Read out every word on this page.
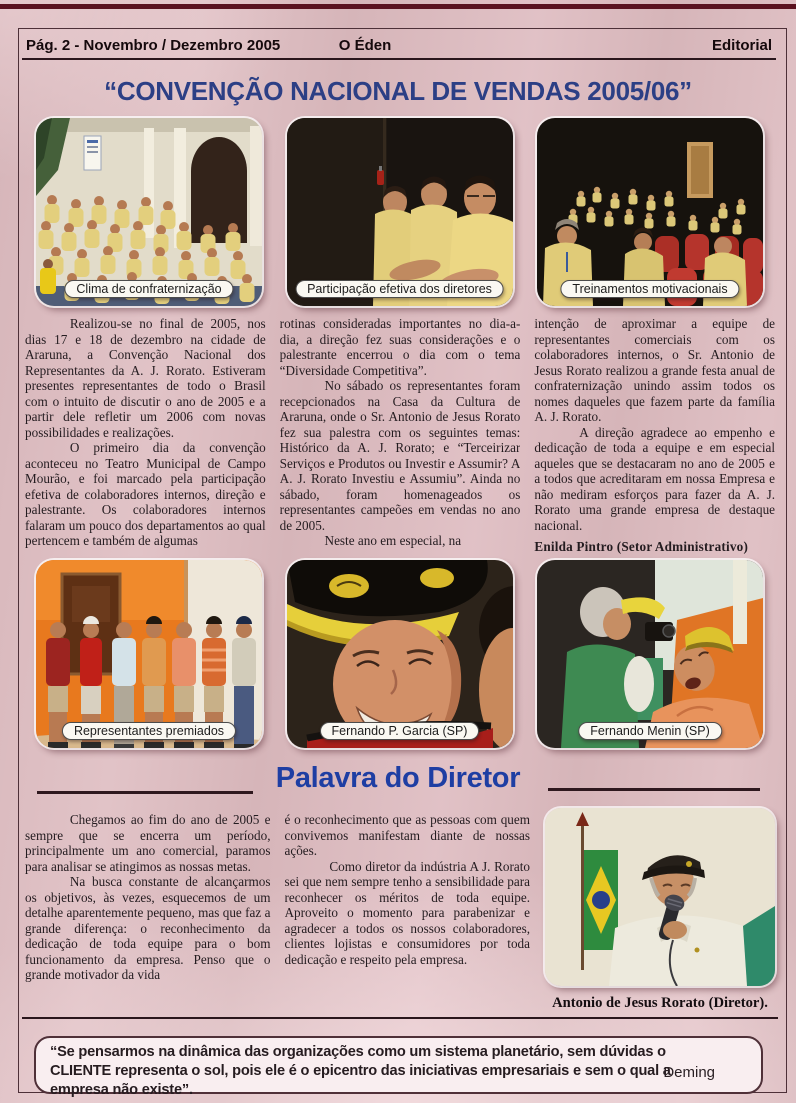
Pág. 2 - Novembro / Dezembro 2005	O Éden	Editorial
“CONVENÇÃO NACIONAL DE VENDAS 2005/06”
Clima de confraternização	Participação efetiva dos diretores	Treinamentos motivacionais

Realizou-se no final de 2005, nos dias 17 e 18 de dezembro na cidade de Araruna, a Convenção Nacional dos Representantes da A. J. Rorato. Estiveram presentes representantes de todo o Brasil com o intuito de discutir o ano de 2005 e a partir dele refletir um 2006 com novas possibilidades e realizações.

O primeiro dia da convenção aconteceu no Teatro Municipal de Campo Mourão, e foi marcado pela participação efetiva de colaboradores internos, direção e palestrante. Os colaboradores internos falaram um pouco dos departamentos ao qual pertencem e também de algumas

rotinas consideradas importantes no dia-a-dia, a direção fez suas considerações e o palestrante encerrou o dia com o tema “Diversidade Competitiva”.

No sábado os representantes foram recepcionados na Casa da Cultura de Araruna, onde o Sr. Antonio de Jesus Rorato fez sua palestra com os seguintes temas: Histórico da A. J. Rorato; e “Terceirizar Serviços e Produtos ou Investir e Assumir? A A. J. Rorato Investiu e Assumiu”. Ainda no sábado, foram homenageados os representantes campeões em vendas no ano de 2005.

Neste ano em especial, na

intenção de aproximar a equipe de representantes comerciais com os colaboradores internos, o Sr. Antonio de Jesus Rorato realizou a grande festa anual de confraternização unindo assim todos os nomes daqueles que fazem parte da família A. J. Rorato.

A direção agradece ao empenho e dedicação de toda a equipe e em especial aqueles que se destacaram no ano de 2005 e a todos que acreditaram em nossa Empresa e não mediram esforços para fazer da A. J. Rorato uma grande empresa de destaque nacional.

Enilda Pintro (Setor Administrativo)

Representantes premiados	Fernando P. Garcia (SP)	Fernando Menin (SP)
Palavra do Diretor

Chegamos ao fim do ano de 2005 e sempre que se encerra um período, principalmente um ano comercial, paramos para analisar se atingimos as nossas metas.

Na busca constante de alcançarmos os objetivos, às vezes, esquecemos de um detalhe aparentemente pequeno, mas que faz a grande diferença: o reconhecimento da dedicação de toda equipe para o bom funcionamento da empresa. Penso que o grande motivador da vida

é o reconhecimento que as pessoas com quem convivemos manifestam diante de nossas ações.

Como diretor da indústria A J. Rorato sei que nem sempre tenho a sensibilidade para reconhecer os méritos de toda equipe. Aproveito o momento para parabenizar e agradecer a todos os nossos colaboradores, clientes lojistas e consumidores por toda dedicação e respeito pela empresa.

Antonio de Jesus Rorato (Diretor).

“Se pensarmos na dinâmica das organizações como um sistema planetário, sem dúvidas o CLIENTE representa o sol, pois ele é o epicentro das iniciativas empresariais e sem o qual a empresa não existe”.

Deming
